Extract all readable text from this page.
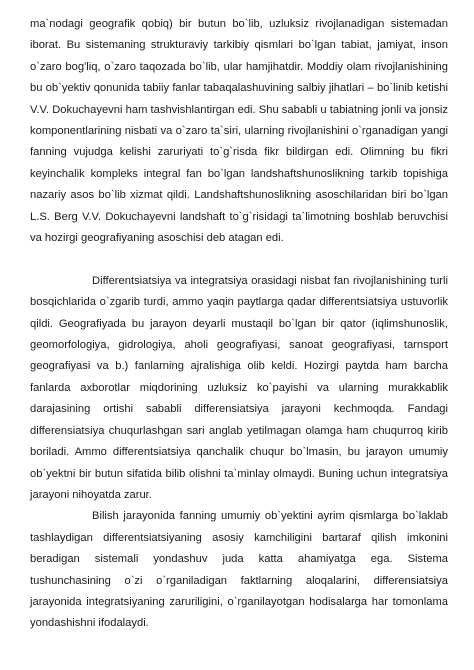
ma`nodagi geografik qobiq) bir butun bo`lib, uzluksiz rivojlanadigan sistemadan iborat. Bu sistemaning strukturaviy tarkibiy qismlari bo`lgan tabiat, jamiyat, inson o`zaro bog'liq, o`zaro taqozada bo`lib, ular hamjihatdir. Moddiy olam rivojlanishining bu ob`yektiv qonunida tabiiy fanlar tabaqalashuvining salbiy jihatlari – bo`linib ketishi V.V. Dokuchayevni ham tashvishlantirgan edi. Shu sababli u tabiatning jonli va jonsiz komponentlarining nisbati va o`zaro ta`siri, ularning rivojlanishini o`rganadigan yangi fanning vujudga kelishi zaruriyati to`g`risda fikr bildirgan edi. Olimning bu fikri keyinchalik kompleks integral fan bo`lgan landshaftshunoslikning tarkib topishiga nazariy asos bo`lib xizmat qildi. Landshaftshunoslikning asoschilaridan biri bo`lgan L.S. Berg V.V. Dokuchayevni landshaft to`g`risidagi ta`limotning boshlab beruvchisi va hozirgi geografiyaning asoschisi deb atagan edi.

Differentsiatsiya va integratsiya orasidagi nisbat fan rivojlanishining turli bosqichlarida o`zgarib turdi, ammo yaqin paytlarga qadar differentsiatsiya ustuvorlik qildi. Geografiyada bu jarayon deyarli mustaqil bo`lgan bir qator (iqlimshunoslik, geomorfologiya, gidrologiya, aholi geografiyasi, sanoat geografiyasi, tarnsport geografiyasi va b.) fanlarning ajralishiga olib keldi. Hozirgi paytda ham barcha fanlarda axborotlar miqdorining uzluksiz ko`payishi va ularning murakkablik darajasining ortishi sababli differensiatsiya jarayoni kechmoqda. Fandagi differensiatsiya chuqurlashgan sari anglab yetilmagan olamga ham chuqurroq kirib boriladi. Ammo differentsiatsiya qanchalik chuqur bo`lmasin, bu jarayon umumiy ob`yektni bir butun sifatida bilib olishni ta`minlay olmaydi. Buning uchun integratsiya jarayoni nihoyatda zarur.

Bilish jarayonida fanning umumiy ob`yektini ayrim qismlarga bo`laklab tashlaydigan differentsiatsiyaning asosiy kamchiligini bartaraf qilish imkonini beradigan sistemali yondashuv juda katta ahamiyatga ega. Sistema tushunchasining o`zi o`rganiladigan faktlarning aloqalarini, differensiatsiya jarayonida integratsiyaning zaruriligini, o`rganilayotgan hodisalarga har tomonlama yondashishni ifodalaydi.
